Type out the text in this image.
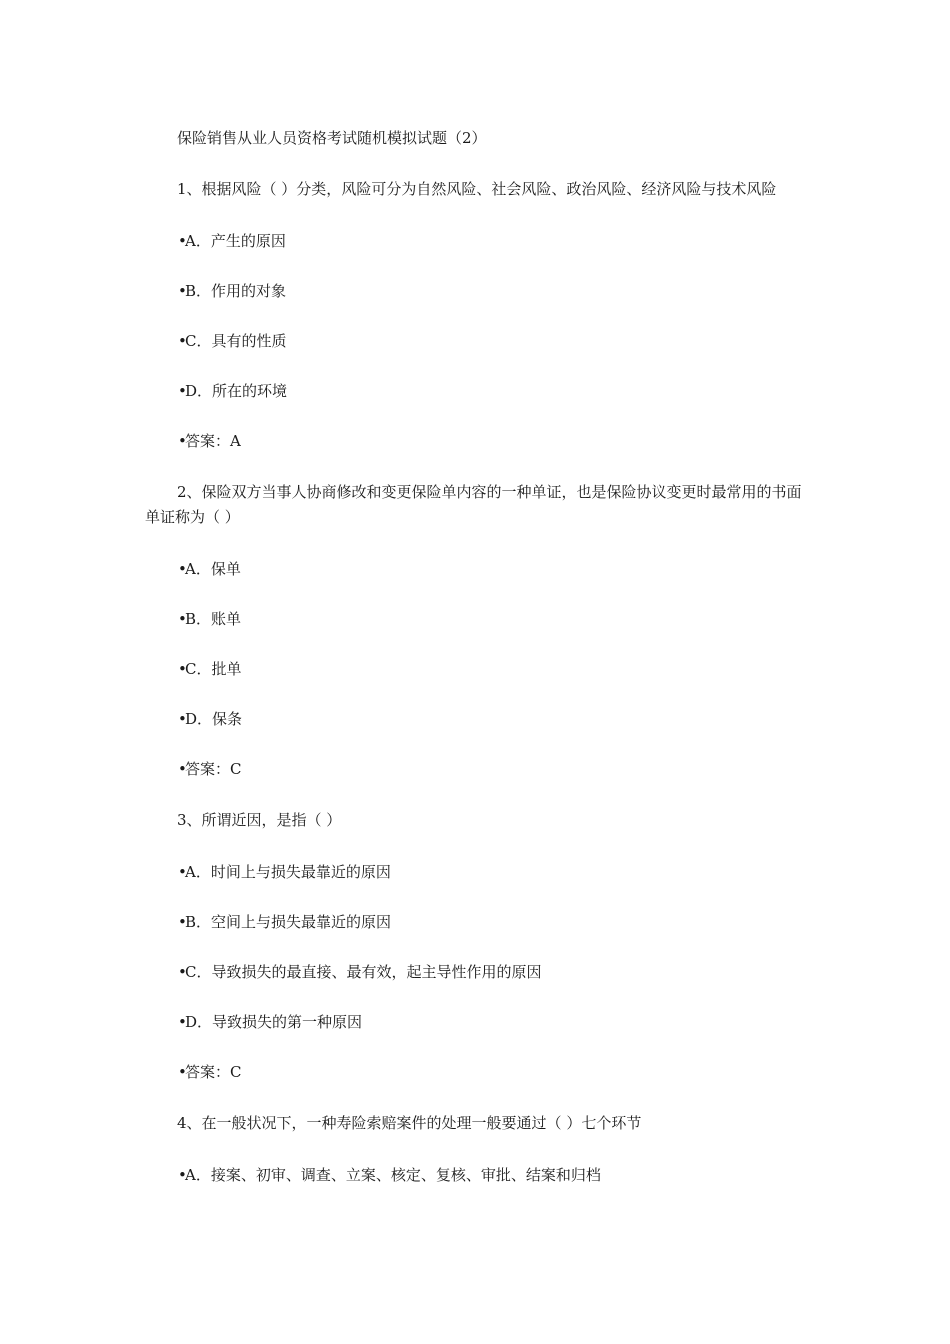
保险销售从业人员资格考试随机模拟试题（2）

1、根据风险（ ）分类，风险可分为自然风险、社会风险、政治风险、经济风险与技术风险

•A．产生的原因

•B．作用的对象

•C．具有的性质

•D．所在的环境

•答案：A

2、保险双方当事人协商修改和变更保险单内容的一种单证，也是保险协议变更时最常用的书面单证称为（ ）

•A．保单

•B．账单

•C．批单

•D．保条

•答案：C

3、所谓近因，是指（ ）

•A．时间上与损失最靠近的原因

•B．空间上与损失最靠近的原因

•C．导致损失的最直接、最有效，起主导性作用的原因

•D．导致损失的第一种原因

•答案：C

4、在一般状况下，一种寿险索赔案件的处理一般要通过（ ）七个环节

•A．接案、初审、调查、立案、核定、复核、审批、结案和归档
